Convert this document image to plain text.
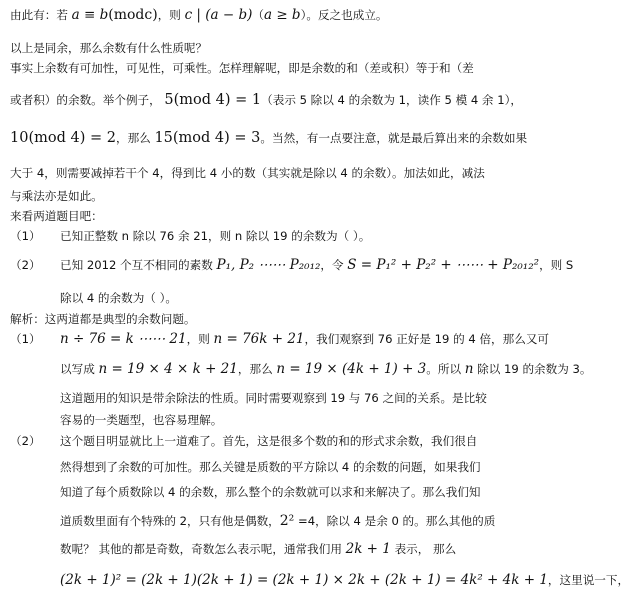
由此有：若 a ≡ b(modc)，则 c | (a − b)（a ≥ b）。反之也成立。
以上是同余，那么余数有什么性质呢？
事实上余数有可加性，可见性，可乘性。怎样理解呢，即是余数的和（差或积）等于和（差
或者积）的余数。举个例子， 5(mod 4) = 1（表示 5 除以 4 的余数为 1，读作 5 模 4 余 1），
10(mod 4) = 2，那么 15(mod 4) = 3。当然，有一点要注意，就是最后算出来的余数如果
大于 4，则需要减掉若干个 4，得到比 4 小的数（其实就是除以 4 的余数）。加法如此，减法
与乘法亦是如此。
来看两道题目吧：
（1） 已知正整数 n 除以 76 余 21，则 n 除以 19 的余数为（ ）。
（2） 已知 2012 个互不相同的素数 P₁, P₂ ⋯⋯ P₂₀₁₂，令 S = P₁² + P₂² + ⋯⋯ + P₂₀₁₂²，则 S
除以 4 的余数为（ ）。
解析：这两道都是典型的余数问题。
（1） n ÷ 76 = k ⋯⋯ 21，则 n = 76k + 21，我们观察到 76 正好是 19 的 4 倍，那么又可
以写成 n = 19 × 4 × k + 21，那么 n = 19 × (4k + 1) + 3。所以 n 除以 19 的余数为 3。
这道题用的知识是带余除法的性质。同时需要观察到 19 与 76 之间的关系。是比较
容易的一类题型，也容易理解。
（2） 这个题目明显就比上一道难了。首先，这是很多个数的和的形式求余数，我们很自
然得想到了余数的可加性。那么关键是质数的平方除以 4 的余数的问题，如果我们
知道了每个质数除以 4 的余数，那么整个的余数就可以求和来解决了。那么我们知
道质数里面有个特殊的 2，只有他是偶数，2² =4，除以 4 是余 0 的。那么其他的质
数呢？ 其他的都是奇数，奇数怎么表示呢，通常我们用 2k + 1 表示， 那么
(2k + 1)² = (2k + 1)(2k + 1) = (2k + 1) × 2k + (2k + 1) = 4k² + 4k + 1，这里说一下，
